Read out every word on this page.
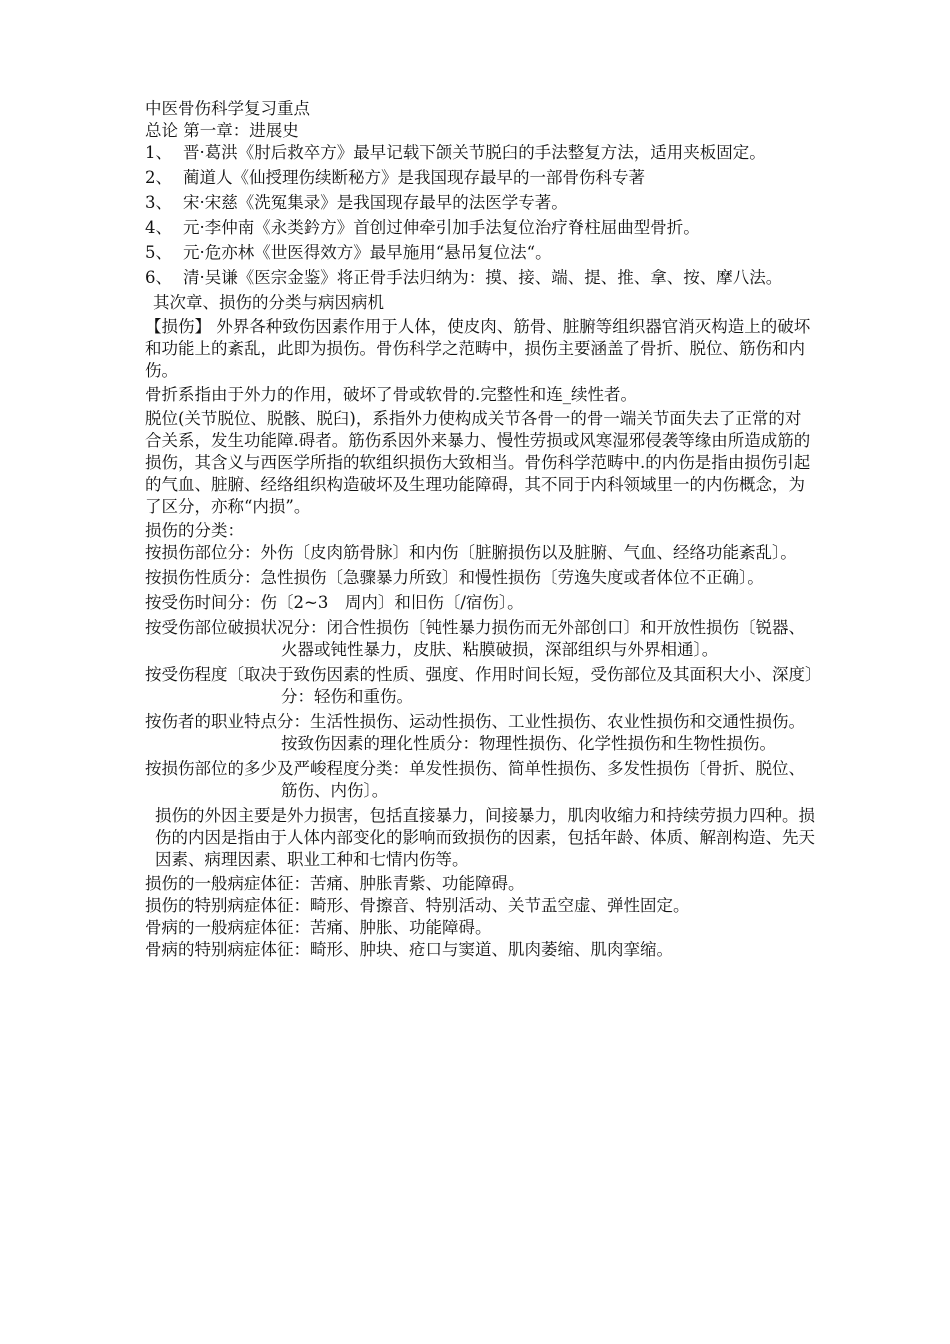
中医骨伤科学复习重点

总论 第一章：进展史

1、 晋·葛洪《肘后救卒方》最早记载下颌关节脱臼的手法整复方法，适用夹板固定。
2、 蔺道人《仙授理伤续断秘方》是我国现存最早的一部骨伤科专著
3、 宋·宋慈《洗冤集录》是我国现存最早的法医学专著。
4、 元·李仲南《永类鈐方》首创过伸牵引加手法复位治疗脊柱屈曲型骨折。
5、 元·危亦林《世医得效方》最早施用“悬吊复位法“。
6、 清·吴谦《医宗金鉴》将正骨手法归纳为：摸、接、端、提、推、拿、按、摩八法。

其次章、损伤的分类与病因病机

【损伤】 外界各种致伤因素作用于人体，使皮肉、筋骨、脏腑等组织器官消灭构造上的破坏和功能上的紊乱，此即为损伤。骨伤科学之范畴中，损伤主要涵盖了骨折、脱位、筋伤和内伤。

骨折系指由于外力的作用，破坏了骨或软骨的.完整性和连_续性者。

脱位(关节脱位、脱骸、脱臼)，系指外力使构成关节各骨一的骨一端关节面失去了正常的对合关系，发生功能障.碍者。筋伤系因外来暴力、慢性劳损或风寒湿邪侵袭等缘由所造成筋的损伤，其含义与西医学所指的软组织损伤大致相当。骨伤科学范畴中.的内伤是指由损伤引起的气血、脏腑、经络组织构造破坏及生理功能障碍，其不同于内科领域里一的内伤概念，为了区分，亦称“内损”。

损伤的分类：

按损伤部位分：外伤〔皮肉筋骨脉〕和内伤〔脏腑损伤以及脏腑、气血、经络功能紊乱〕。

按损伤性质分：急性损伤〔急骤暴力所致〕和慢性损伤〔劳逸失度或者体位不正确〕。

按受伤时间分：伤〔2~3　周内〕和旧伤〔/宿伤〕。

按受伤部位破损状况分：闭合性损伤〔钝性暴力损伤而无外部创口〕和开放性损伤〔锐器、火器或钝性暴力，皮肤、粘膜破损，深部组织与外界相通〕。

按受伤程度〔取决于致伤因素的性质、强度、作用时间长短，受伤部位及其面积大小、深度〕分：轻伤和重伤。

按伤者的职业特点分：生活性损伤、运动性损伤、工业性损伤、农业性损伤和交通性损伤。　按致伤因素的理化性质分：物理性损伤、化学性损伤和生物性损伤。

按损伤部位的多少及严峻程度分类：单发性损伤、简单性损伤、多发性损伤〔骨折、脱位、筋伤、内伤〕。

损伤的外因主要是外力损害，包括直接暴力，间接暴力，肌肉收缩力和持续劳损力四种。损伤的内因是指由于人体内部变化的影响而致损伤的因素，包括年龄、体质、解剖构造、先天因素、病理因素、职业工种和七情内伤等。

损伤的一般病症体征：苦痛、肿胀青紫、功能障碍。

损伤的特别病症体征：畸形、骨擦音、特别活动、关节盂空虚、弹性固定。

骨病的一般病症体征：苦痛、肿胀、功能障碍。

骨病的特别病症体征：畸形、肿块、疮口与窦道、肌肉萎缩、肌肉挛缩。
